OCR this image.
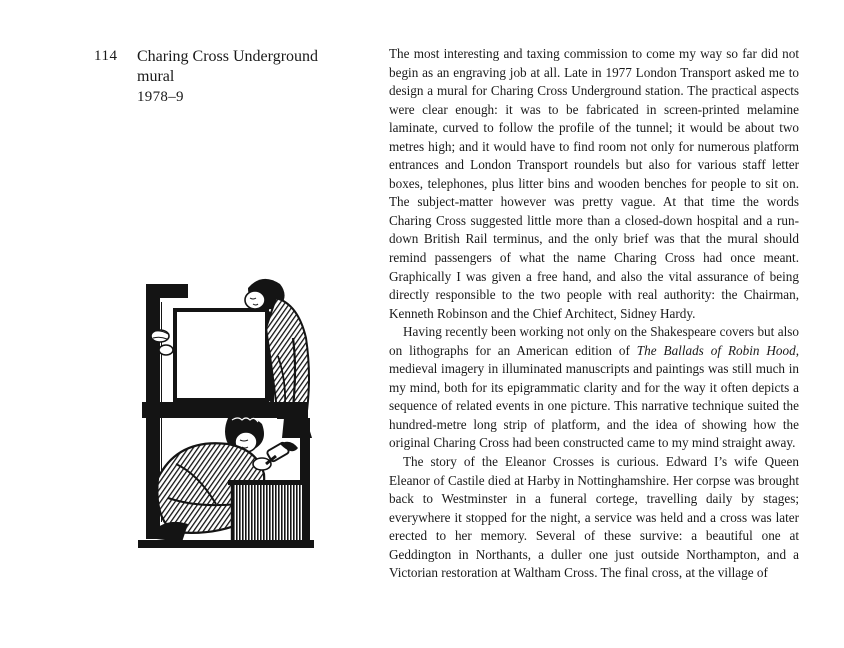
114 Charing Cross Underground
mural
1978–9

The most interesting and taxing commission to come my way so far did not begin as an engraving job at all. Late in 1977 London Transport asked me to design a mural for Charing Cross Underground station. The practical aspects were clear enough: it was to be fabricated in screen-printed melamine laminate, curved to follow the profile of the tunnel; it would be about two metres high; and it would have to find room not only for numerous platform entrances and London Transport roundels but also for various staff letter boxes, telephones, plus litter bins and wooden benches for people to sit on. The subject-matter however was pretty vague. At that time the words Charing Cross suggested little more than a closed-down hospital and a run-down British Rail terminus, and the only brief was that the mural should remind passengers of what the name Charing Cross had once meant. Graphically I was given a free hand, and also the vital assurance of being directly responsible to the two people with real authority: the Chairman, Kenneth Robinson and the Chief Architect, Sidney Hardy.

Having recently been working not only on the Shakespeare covers but also on lithographs for an American edition of The Ballads of Robin Hood, medieval imagery in illuminated manuscripts and paintings was still much in my mind, both for its epigrammatic clarity and for the way it often depicts a sequence of related events in one picture. This narrative technique suited the hundred-metre long strip of platform, and the idea of showing how the original Charing Cross had been constructed came to my mind straight away.

The story of the Eleanor Crosses is curious. Edward I’s wife Queen Eleanor of Castile died at Harby in Nottinghamshire. Her corpse was brought back to Westminster in a funeral cortege, travelling daily by stages; everywhere it stopped for the night, a service was held and a cross was later erected to her memory. Several of these survive: a beautiful one at Geddington in Northants, a duller one just outside Northampton, and a Victorian restoration at Waltham Cross. The final cross, at the village of
